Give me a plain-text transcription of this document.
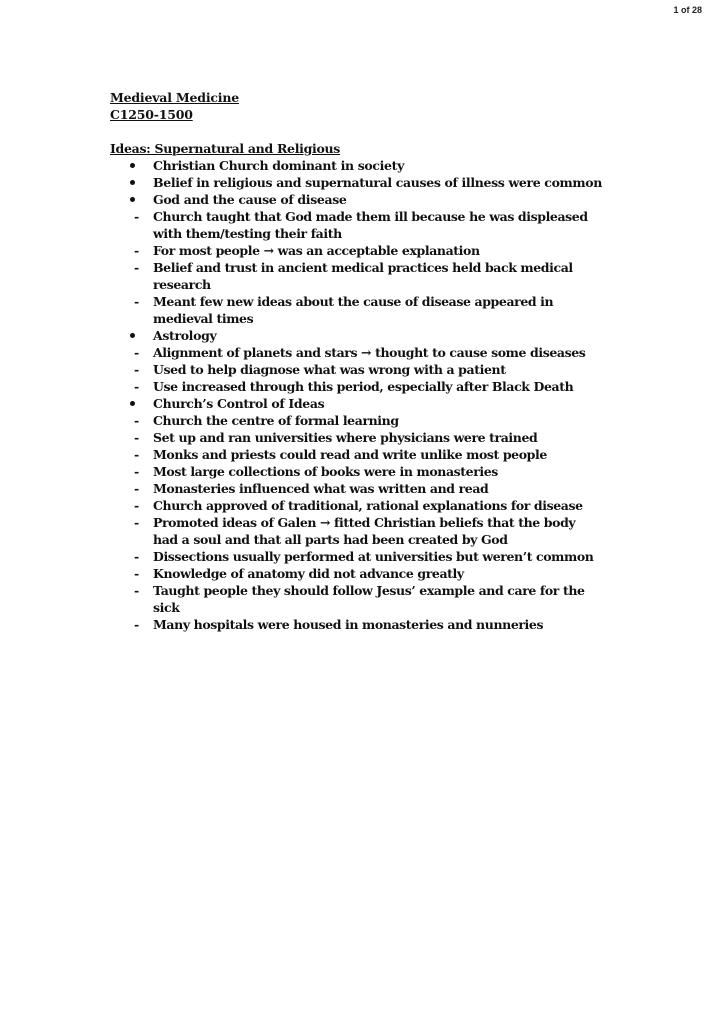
1 of 28
Medieval Medicine
C1250-1500
Ideas: Supernatural and Religious
Christian Church dominant in society
Belief in religious and supernatural causes of illness were common
God and the cause of disease
- Church taught that God made them ill because he was displeased with them/testing their faith
- For most people → was an acceptable explanation
- Belief and trust in ancient medical practices held back medical research
- Meant few new ideas about the cause of disease appeared in medieval times
Astrology
- Alignment of planets and stars → thought to cause some diseases
- Used to help diagnose what was wrong with a patient
- Use increased through this period, especially after Black Death
Church’s Control of Ideas
- Church the centre of formal learning
- Set up and ran universities where physicians were trained
- Monks and priests could read and write unlike most people
- Most large collections of books were in monasteries
- Monasteries influenced what was written and read
- Church approved of traditional, rational explanations for disease
- Promoted ideas of Galen → fitted Christian beliefs that the body had a soul and that all parts had been created by God
- Dissections usually performed at universities but weren’t common
- Knowledge of anatomy did not advance greatly
- Taught people they should follow Jesus’ example and care for the sick
- Many hospitals were housed in monasteries and nunneries
